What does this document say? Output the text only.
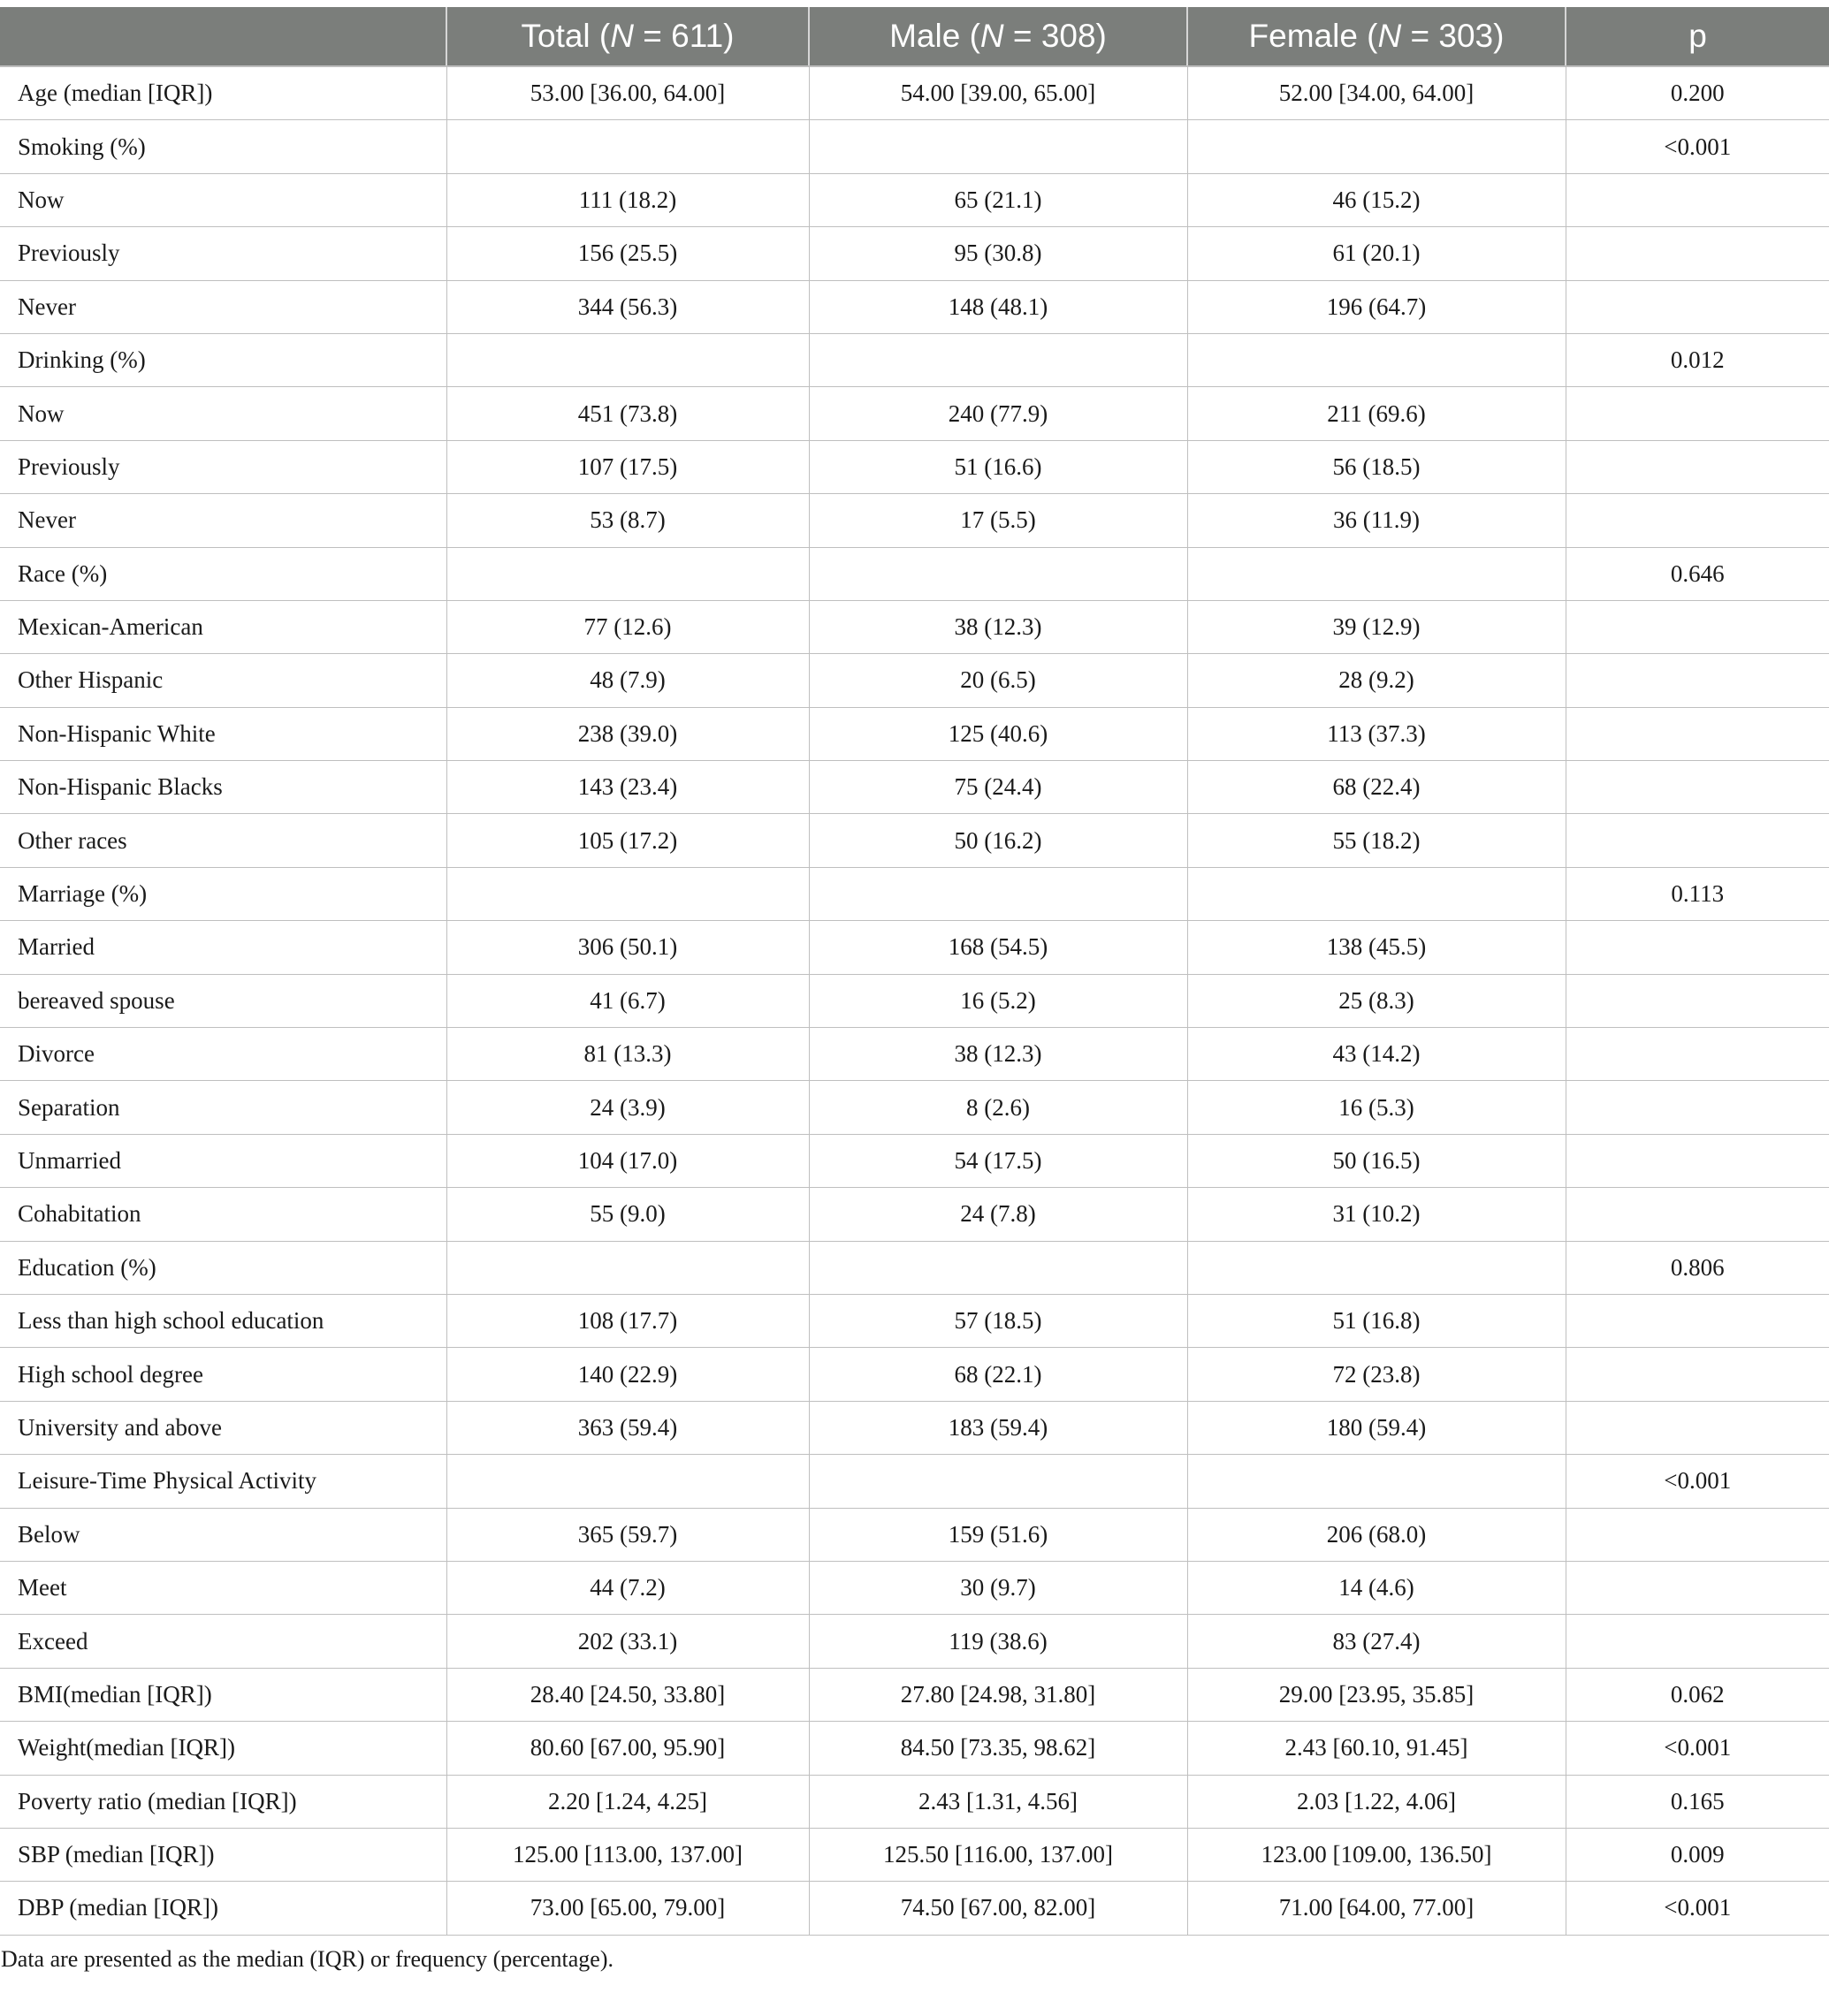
	Total (N = 611)	Male (N = 308)	Female (N = 303)	p
Age (median [IQR])	53.00 [36.00, 64.00]	54.00 [39.00, 65.00]	52.00 [34.00, 64.00]	0.200
Smoking (%)				<0.001
Now	111 (18.2)	65 (21.1)	46 (15.2)	
Previously	156 (25.5)	95 (30.8)	61 (20.1)	
Never	344 (56.3)	148 (48.1)	196 (64.7)	
Drinking (%)				0.012
Now	451 (73.8)	240 (77.9)	211 (69.6)	
Previously	107 (17.5)	51 (16.6)	56 (18.5)	
Never	53 (8.7)	17 (5.5)	36 (11.9)	
Race (%)				0.646
Mexican-American	77 (12.6)	38 (12.3)	39 (12.9)	
Other Hispanic	48 (7.9)	20 (6.5)	28 (9.2)	
Non-Hispanic White	238 (39.0)	125 (40.6)	113 (37.3)	
Non-Hispanic Blacks	143 (23.4)	75 (24.4)	68 (22.4)	
Other races	105 (17.2)	50 (16.2)	55 (18.2)	
Marriage (%)				0.113
Married	306 (50.1)	168 (54.5)	138 (45.5)	
bereaved spouse	41 (6.7)	16 (5.2)	25 (8.3)	
Divorce	81 (13.3)	38 (12.3)	43 (14.2)	
Separation	24 (3.9)	8 (2.6)	16 (5.3)	
Unmarried	104 (17.0)	54 (17.5)	50 (16.5)	
Cohabitation	55 (9.0)	24 (7.8)	31 (10.2)	
Education (%)				0.806
Less than high school education	108 (17.7)	57 (18.5)	51 (16.8)	
High school degree	140 (22.9)	68 (22.1)	72 (23.8)	
University and above	363 (59.4)	183 (59.4)	180 (59.4)	
Leisure-Time Physical Activity				<0.001
Below	365 (59.7)	159 (51.6)	206 (68.0)	
Meet	44 (7.2)	30 (9.7)	14 (4.6)	
Exceed	202 (33.1)	119 (38.6)	83 (27.4)	
BMI(median [IQR])	28.40 [24.50, 33.80]	27.80 [24.98, 31.80]	29.00 [23.95, 35.85]	0.062
Weight(median [IQR])	80.60 [67.00, 95.90]	84.50 [73.35, 98.62]	2.43 [60.10, 91.45]	<0.001
Poverty ratio (median [IQR])	2.20 [1.24, 4.25]	2.43 [1.31, 4.56]	2.03 [1.22, 4.06]	0.165
SBP (median [IQR])	125.00 [113.00, 137.00]	125.50 [116.00, 137.00]	123.00 [109.00, 136.50]	0.009
DBP (median [IQR])	73.00 [65.00, 79.00]	74.50 [67.00, 82.00]	71.00 [64.00, 77.00]	<0.001
Data are presented as the median (IQR) or frequency (percentage).
